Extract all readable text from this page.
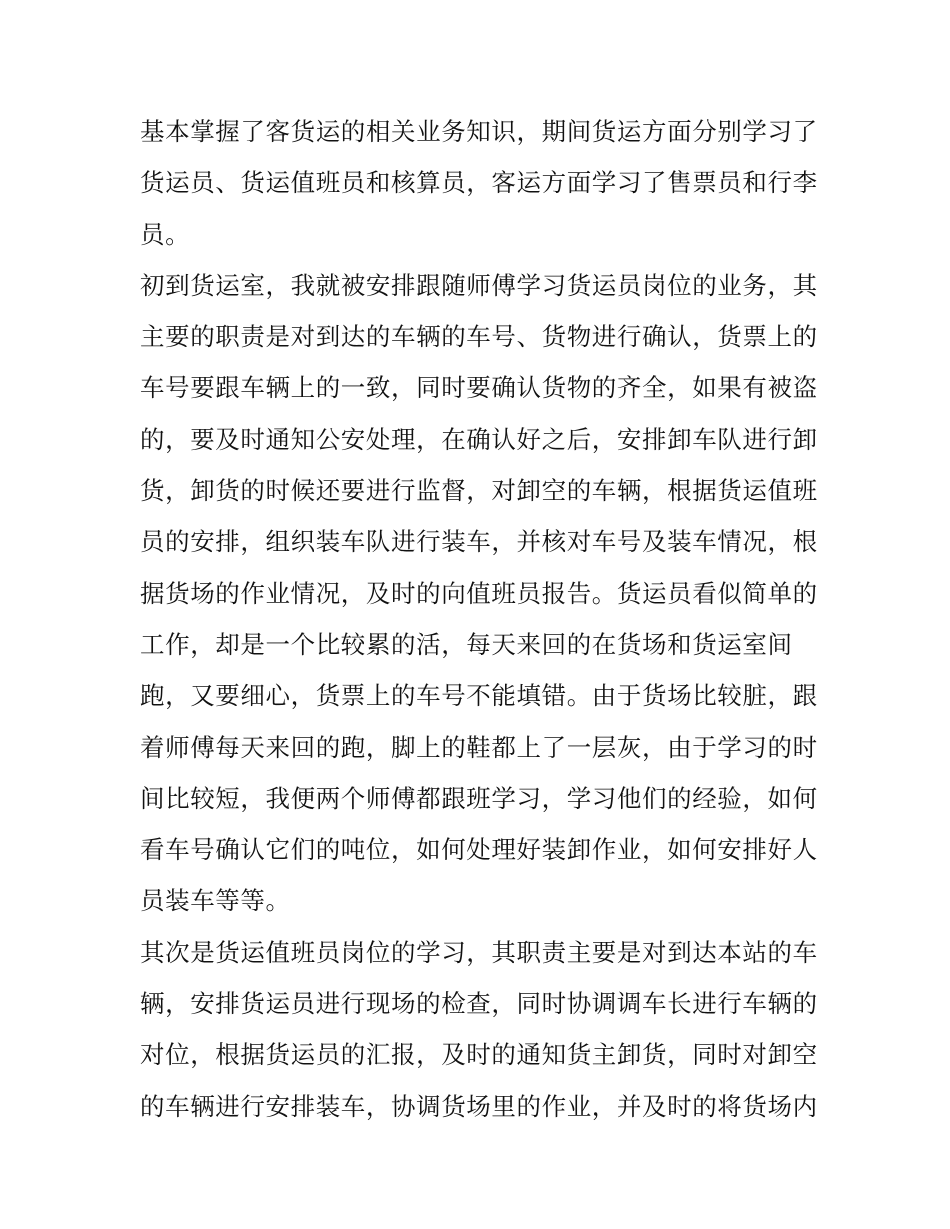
基本掌握了客货运的相关业务知识，期间货运方面分别学习了
货运员、货运值班员和核算员，客运方面学习了售票员和行李
员。
初到货运室，我就被安排跟随师傅学习货运员岗位的业务，其
主要的职责是对到达的车辆的车号、货物进行确认，货票上的
车号要跟车辆上的一致，同时要确认货物的齐全，如果有被盗
的，要及时通知公安处理，在确认好之后，安排卸车队进行卸
货，卸货的时候还要进行监督，对卸空的车辆，根据货运值班
员的安排，组织装车队进行装车，并核对车号及装车情况，根
据货场的作业情况，及时的向值班员报告。货运员看似简单的
工作，却是一个比较累的活，每天来回的在货场和货运室间
跑，又要细心，货票上的车号不能填错。由于货场比较脏，跟
着师傅每天来回的跑，脚上的鞋都上了一层灰，由于学习的时
间比较短，我便两个师傅都跟班学习，学习他们的经验，如何
看车号确认它们的吨位，如何处理好装卸作业，如何安排好人
员装车等等。
其次是货运值班员岗位的学习，其职责主要是对到达本站的车
辆，安排货运员进行现场的检查，同时协调调车长进行车辆的
对位，根据货运员的汇报，及时的通知货主卸货，同时对卸空
的车辆进行安排装车，协调货场里的作业，并及时的将货场内
